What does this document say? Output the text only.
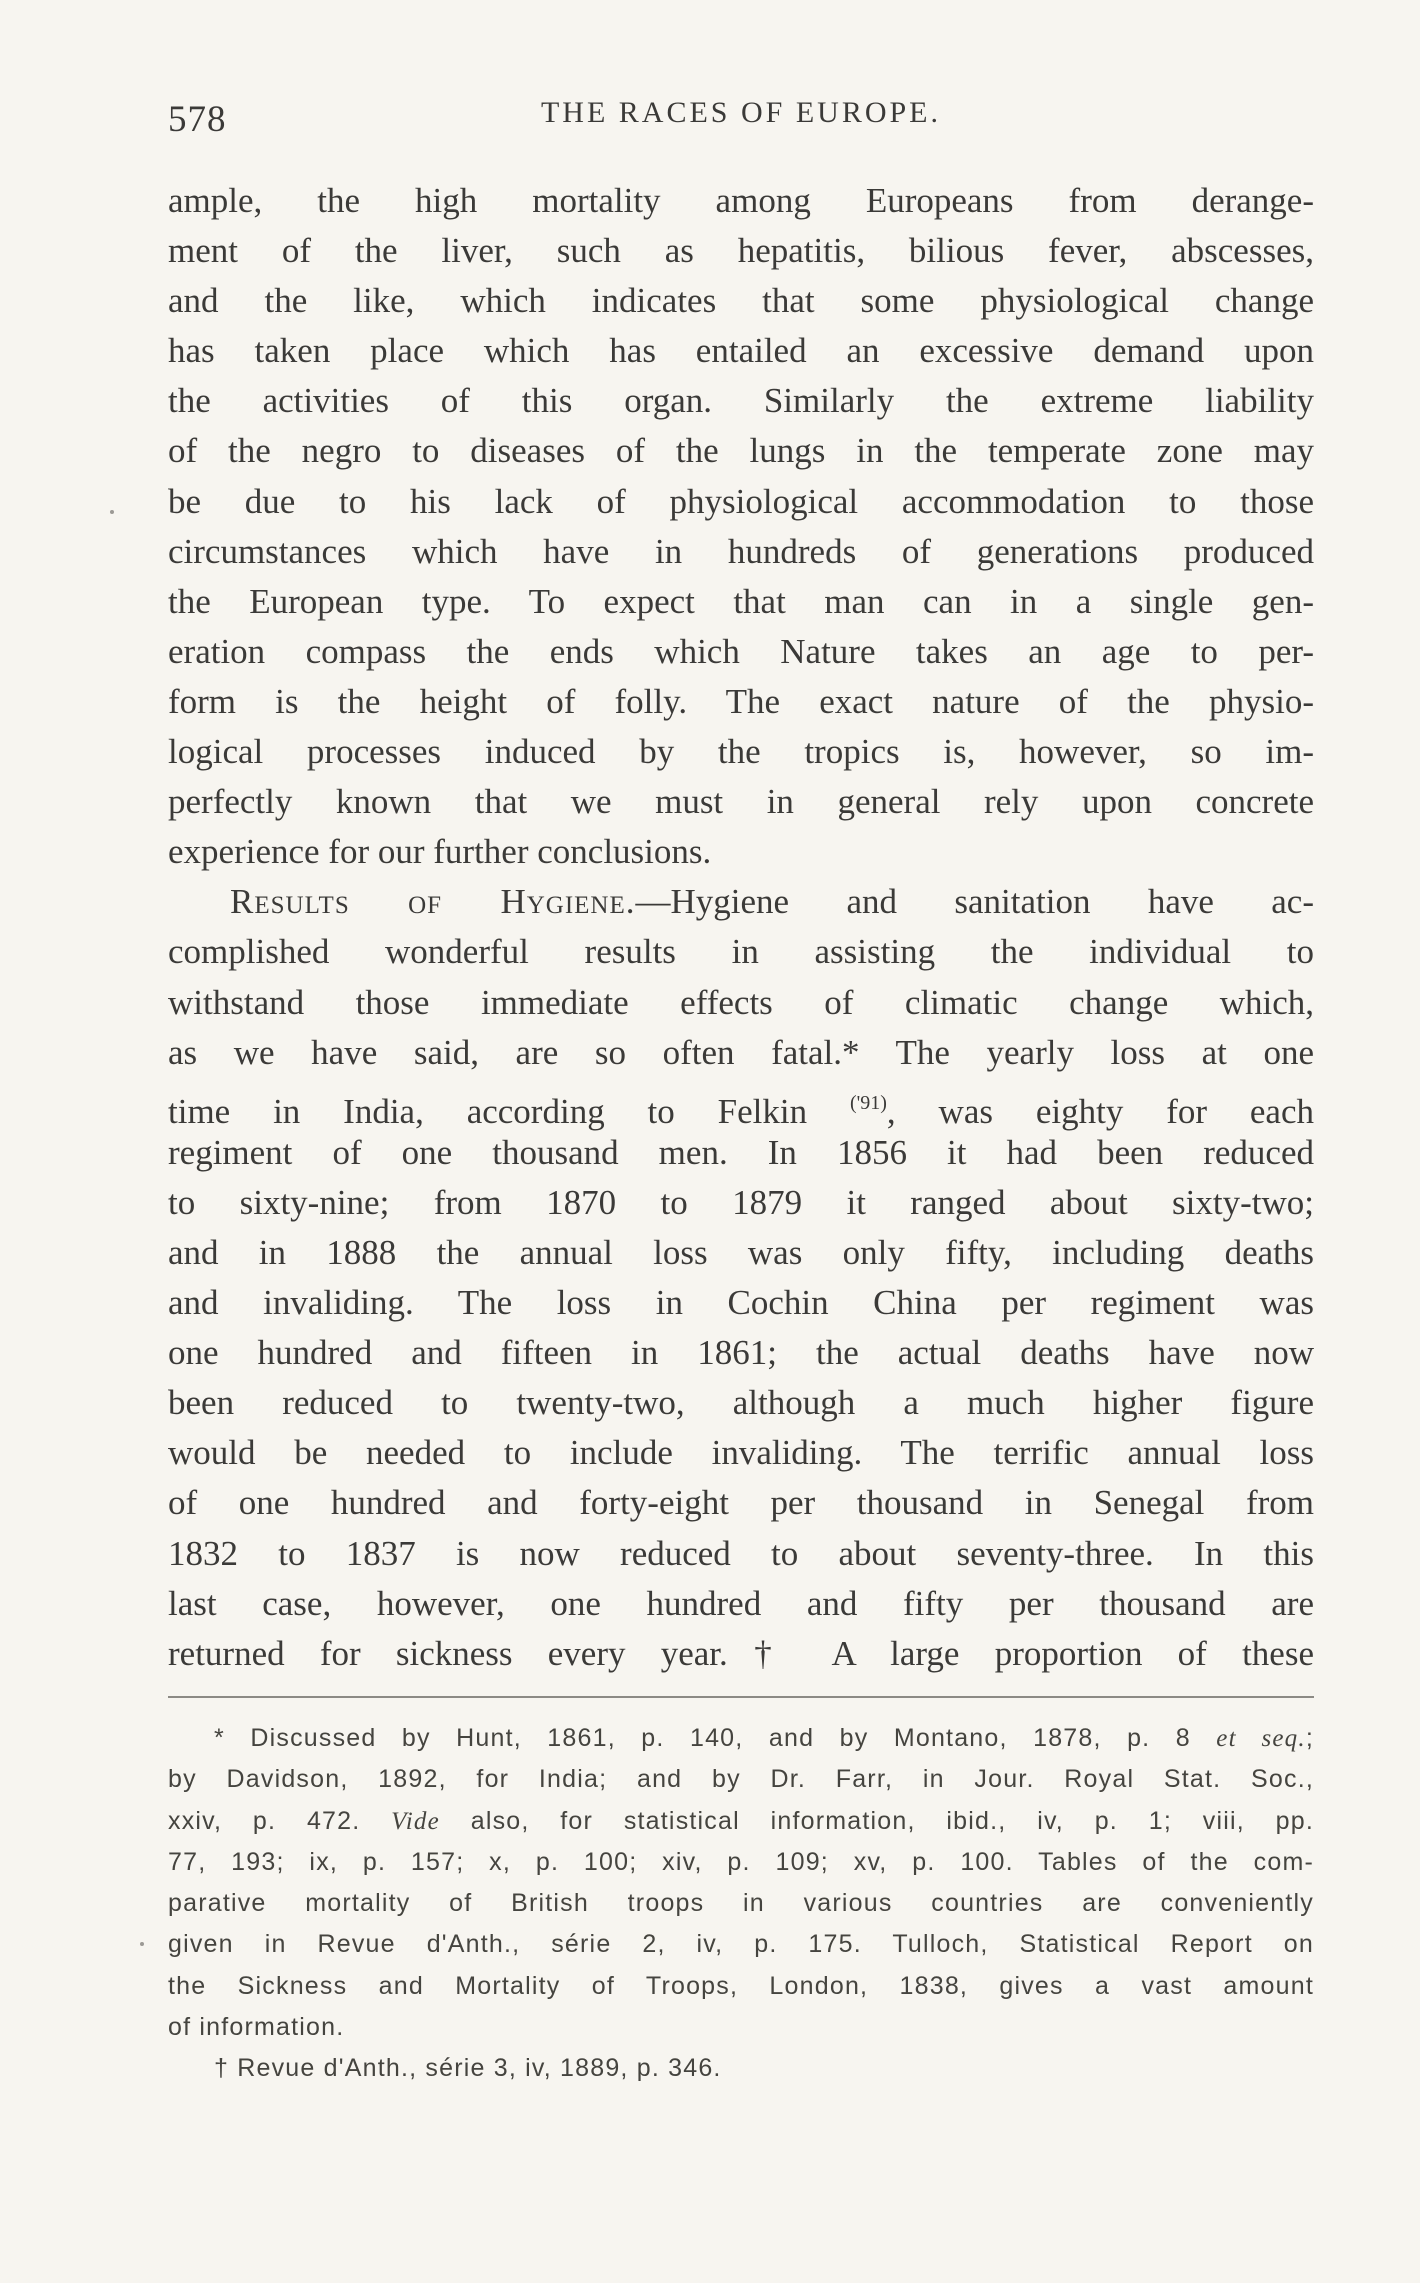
578	THE RACES OF EUROPE.
ample, the high mortality among Europeans from derange-
ment of the liver, such as hepatitis, bilious fever, abscesses,
and the like, which indicates that some physiological change
has taken place which has entailed an excessive demand upon
the activities of this organ. Similarly the extreme liability
of the negro to diseases of the lungs in the temperate zone may
be due to his lack of physiological accommodation to those
circumstances which have in hundreds of generations produced
the European type. To expect that man can in a single gen-
eration compass the ends which Nature takes an age to per-
form is the height of folly. The exact nature of the physio-
logical processes induced by the tropics is, however, so im-
perfectly known that we must in general rely upon concrete
experience for our further conclusions.
Results of Hygiene.—Hygiene and sanitation have ac-
complished wonderful results in assisting the individual to
withstand those immediate effects of climatic change which,
as we have said, are so often fatal.* The yearly loss at one
time in India, according to Felkin $^{('91)}$, was eighty for each
regiment of one thousand men. In 1856 it had been reduced
to sixty-nine; from 1870 to 1879 it ranged about sixty-two;
and in 1888 the annual loss was only fifty, including deaths
and invaliding. The loss in Cochin China per regiment was
one hundred and fifteen in 1861; the actual deaths have now
been reduced to twenty-two, although a much higher figure
would be needed to include invaliding. The terrific annual loss
of one hundred and forty-eight per thousand in Senegal from
1832 to 1837 is now reduced to about seventy-three. In this
last case, however, one hundred and fifty per thousand are
returned for sickness every year.† A large proportion of these
* Discussed by Hunt, 1861, p. 140, and by Montano, 1878, p. 8 et seq.;
by Davidson, 1892, for India; and by Dr. Farr, in Jour. Royal Stat. Soc.,
xxiv, p. 472. Vide also, for statistical information, ibid., iv, p. 1; viii, pp.
77, 193; ix, p. 157; x, p. 100; xiv, p. 109; xv, p. 100. Tables of the com-
parative mortality of British troops in various countries are conveniently
given in Revue d'Anth., série 2, iv, p. 175. Tulloch, Statistical Report on
the Sickness and Mortality of Troops, London, 1838, gives a vast amount
of information.
† Revue d'Anth., série 3, iv, 1889, p. 346.
